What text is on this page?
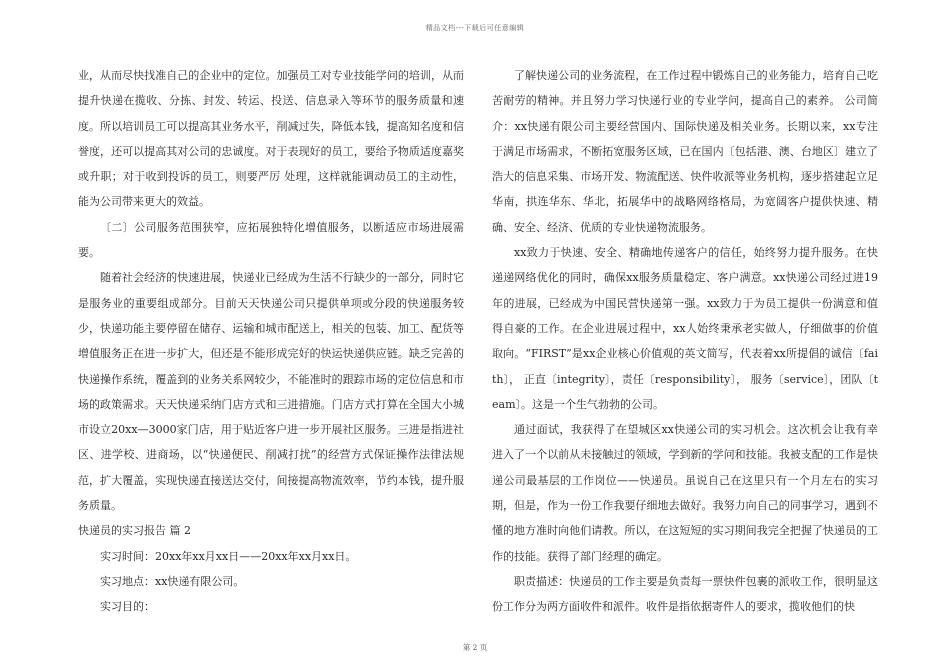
精品文档---下载后可任意编辑

业，从而尽快找准自己的企业中的定位。加强员工对专业技能学问的培训，从而提升快递在揽收、分拣、封发、转运、投送、信息录入等环节的服务质量和速度。所以培训员工可以提高其业务水平，削减过失，降低本钱，提高知名度和信誉度，还可以提高其对公司的忠诚度。对于表现好的员工，要给予物质适度嘉奖或升职；对于收到投诉的员工，则要严厉 处理，这样就能调动员工的主动性，能为公司带来更大的效益。

〔二〕公司服务范围狭窄，应拓展独特化增值服务，以断适应市场进展需要。

随着社会经济的快速进展，快递业已经成为生活不行缺少的一部分，同时它是服务业的重要组成部分。目前天天快递公司只提供单项或分段的快递服务较少，快递功能主要停留在储存、运输和城市配送上，相关的包装、加工、配货等增值服务正在进一步扩大，但还是不能形成完好的快运快递供应链。缺乏完善的快递操作系统，覆盖到的业务关系网较少，不能准时的跟踪市场的定位信息和市场的政策需求。天天快递采纳门店方式和三进措施。门店方式打算在全国大小城市设立20xx—3000家门店，用于贴近客户进一步开展社区服务。三进是指进社区、进学校、进商场，以“快递便民、削减打扰”的经营方式保证操作法律法规范，扩大覆盖，实现快递直接送达交付，间接提高物流效率，节约本钱，提升服务质量。

快递员的实习报告 篇 2

实习时间：20xx年xx月xx日——20xx年xx月xx日。

实习地点：xx快递有限公司。

实习目的：

了解快递公司的业务流程，在工作过程中锻炼自己的业务能力，培育自己吃苦耐劳的精神。并且努力学习快递行业的专业学问，提高自己的素养。 公司简介：xx快递有限公司主要经营国内、国际快递及相关业务。长期以来，xx专注于满足市场需求，不断拓宽服务区域，已在国内〔包括港、澳、台地区〕建立了浩大的信息采集、市场开发、物流配送、快件收派等业务机构，逐步搭建起立足华南，拱连华东、华北，拓展华中的战略网络格局，为宽阔客户提供快速、精确、安全、经济、优质的专业快递物流服务。

xx致力于快速、安全、精确地传递客户的信任，始终努力提升服务。在快递递网络优化的同时，确保xx服务质量稳定、客户满意。xx快递公司经过进19年的进展，已经成为中国民营快递第一强。xx致力于为员工提供一份满意和值得自豪的工作。在企业进展过程中，xx人始终秉承老实做人，仔细做事的价值取向。“FIRST”是xx企业核心价值观的英文简写，代表着xx所提倡的诚信〔faith〕， 正直〔integrity〕，责任〔responsibility〕， 服务〔service〕，团队〔team〕。这是一个生气勃勃的公司。

通过面试，我获得了在望城区xx快递公司的实习机会。这次机会让我有幸进入了一个以前从未接触过的领域，学到新的学问和技能。我被支配的工作是快递公司最基层的工作岗位——快递员。虽说自己在这里只有一个月左右的实习期，但是，作为一份工作我要仔细地去做好。我努力向自己的同事学习，遇到不懂的地方准时向他们请教。所以，在这短短的实习期间我完全把握了快递员的工作的技能。获得了部门经理的确定。

职责描述：快递员的工作主要是负责每一票快件包裹的派收工作，很明显这份工作分为两方面收件和派件。收件是指依据寄件人的要求，揽收他们的快

第 2 页
